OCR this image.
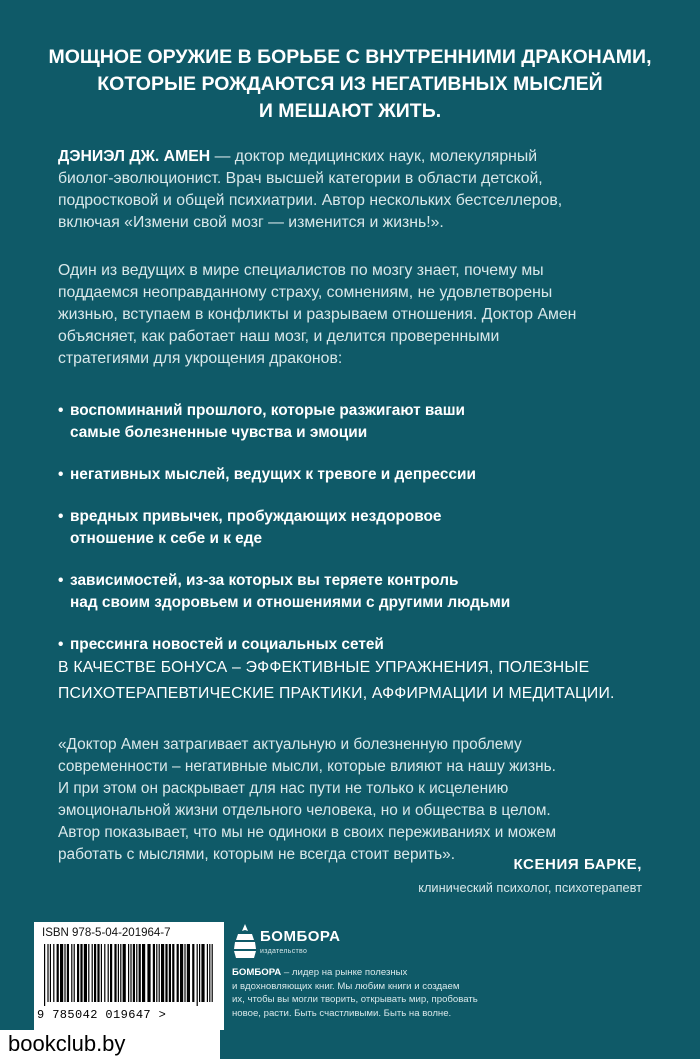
МОЩНОЕ ОРУЖИЕ В БОРЬБЕ С ВНУТРЕННИМИ ДРАКОНАМИ,
КОТОРЫЕ РОЖДАЮТСЯ ИЗ НЕГАТИВНЫХ МЫСЛЕЙ
И МЕШАЮТ ЖИТЬ.
ДЭНИЭЛ ДЖ. АМЕН — доктор медицинских наук, молекулярный
биолог-эволюционист. Врач высшей категории в области детской,
подростковой и общей психиатрии. Автор нескольких бестселлеров,
включая «Измени свой мозг — изменится и жизнь!».
Один из ведущих в мире специалистов по мозгу знает, почему мы
поддаемся неоправданному страху, сомнениям, не удовлетворены
жизнью, вступаем в конфликты и разрываем отношения. Доктор Амен
объясняет, как работает наш мозг, и делится проверенными
стратегиями для укрощения драконов:
• воспоминаний прошлого, которые разжигают ваши
самые болезненные чувства и эмоции
• негативных мыслей, ведущих к тревоге и депрессии
• вредных привычек, пробуждающих нездоровое
отношение к себе и к еде
• зависимостей, из-за которых вы теряете контроль
над своим здоровьем и отношениями с другими людьми
• прессинга новостей и социальных сетей
В КАЧЕСТВЕ БОНУСА – ЭФФЕКТИВНЫЕ УПРАЖНЕНИЯ, ПОЛЕЗНЫЕ
ПСИХОТЕРАПЕВТИЧЕСКИЕ ПРАКТИКИ, АФФИРМАЦИИ И МЕДИТАЦИИ.
«Доктор Амен затрагивает актуальную и болезненную проблему
современности – негативные мысли, которые влияют на нашу жизнь.
И при этом он раскрывает для нас пути не только к исцелению
эмоциональной жизни отдельного человека, но и общества в целом.
Автор показывает, что мы не одиноки в своих переживаниях и можем
работать с мыслями, которым не всегда стоит верить».
КСЕНИЯ БАРКЕ,
клинический психолог, психотерапевт
ISBN 978-5-04-201964-7
9 785042 019647 >
БОМБОРА
издательство
БОМБОРА – лидер на рынке полезных
и вдохновляющих книг. Мы любим книги и создаем
их, чтобы вы могли творить, открывать мир, пробовать
новое, расти. Быть счастливыми. Быть на волне.
bookclub.by
